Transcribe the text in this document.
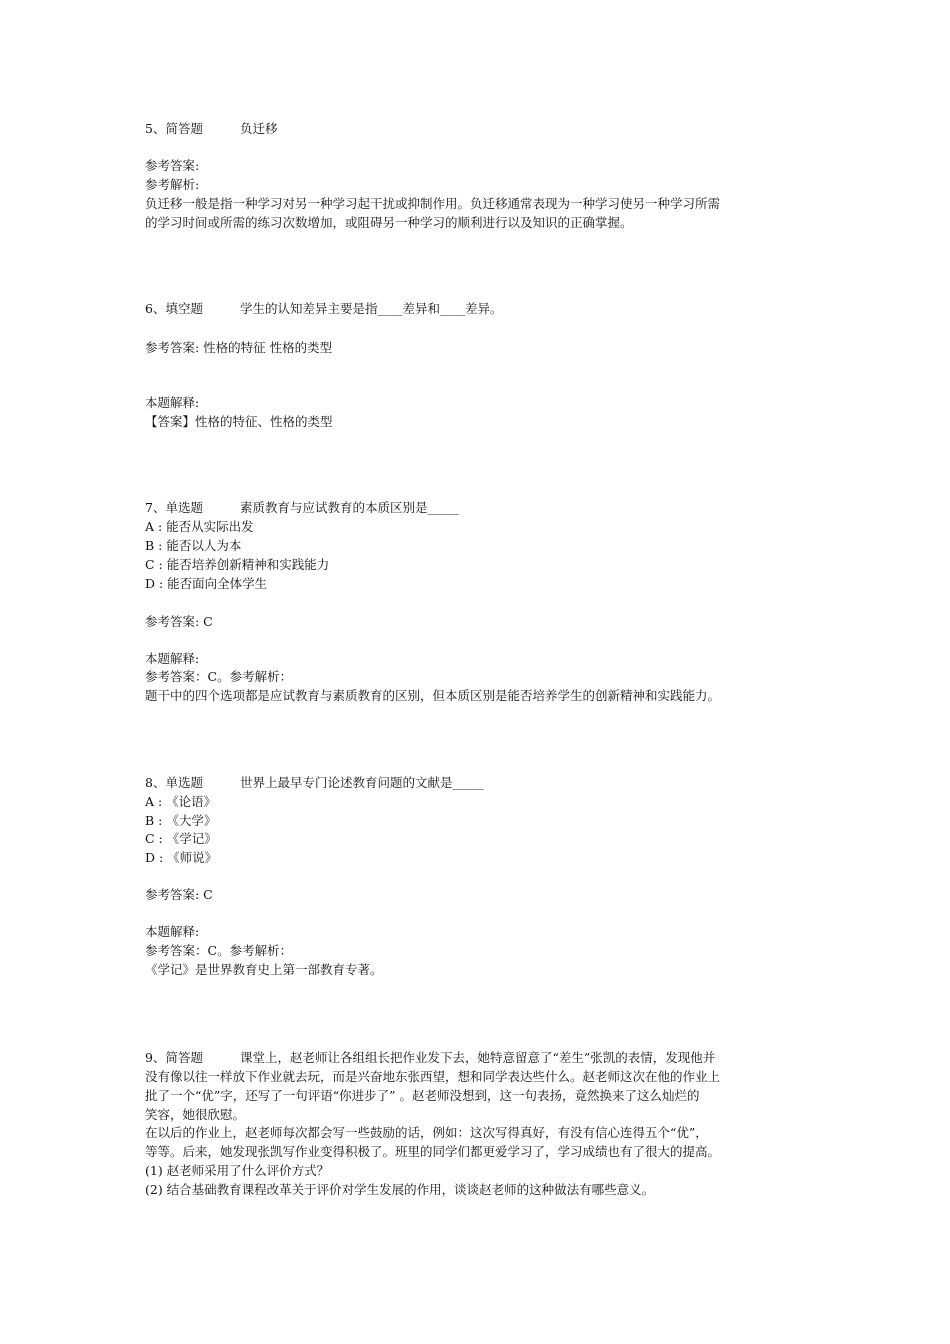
5、简答题	负迁移
参考答案:
参考解析:
负迁移一般是指一种学习对另一种学习起干扰或抑制作用。负迁移通常表现为一种学习使另一种学习所需
的学习时间或所需的练习次数增加，或阻碍另一种学习的顺利进行以及知识的正确掌握。
6、填空题	学生的认知差异主要是指____差异和____差异。
参考答案: 性格的特征 性格的类型
本题解释:
【答案】性格的特征、性格的类型
7、单选题	素质教育与应试教育的本质区别是_____
A : 能否从实际出发
B : 能否以人为本
C : 能否培养创新精神和实践能力
D : 能否面向全体学生
参考答案: C
本题解释:
参考答案：C。参考解析：
题干中的四个选项都是应试教育与素质教育的区别，但本质区别是能否培养学生的创新精神和实践能力。
8、单选题	世界上最早专门论述教育问题的文献是_____
A : 《论语》
B : 《大学》
C : 《学记》
D : 《师说》
参考答案: C
本题解释:
参考答案：C。参考解析：
《学记》是世界教育史上第一部教育专著。
9、简答题	课堂上，赵老师让各组组长把作业发下去，她特意留意了“差生”张凯的表情，发现他并
没有像以往一样放下作业就去玩，而是兴奋地东张西望，想和同学表达些什么。赵老师这次在他的作业上
批了一个“优”字，还写了一句评语“你进步了” 。赵老师没想到，这一句表扬，竟然换来了这么灿烂的
笑容，她很欣慰。
在以后的作业上，赵老师每次都会写一些鼓励的话，例如：这次写得真好，有没有信心连得五个“优”，
等等。后来，她发现张凯写作业变得积极了。班里的同学们都更爱学习了，学习成绩也有了很大的提高。
(1) 赵老师采用了什么评价方式？
(2) 结合基础教育课程改革关于评价对学生发展的作用，谈谈赵老师的这种做法有哪些意义。
